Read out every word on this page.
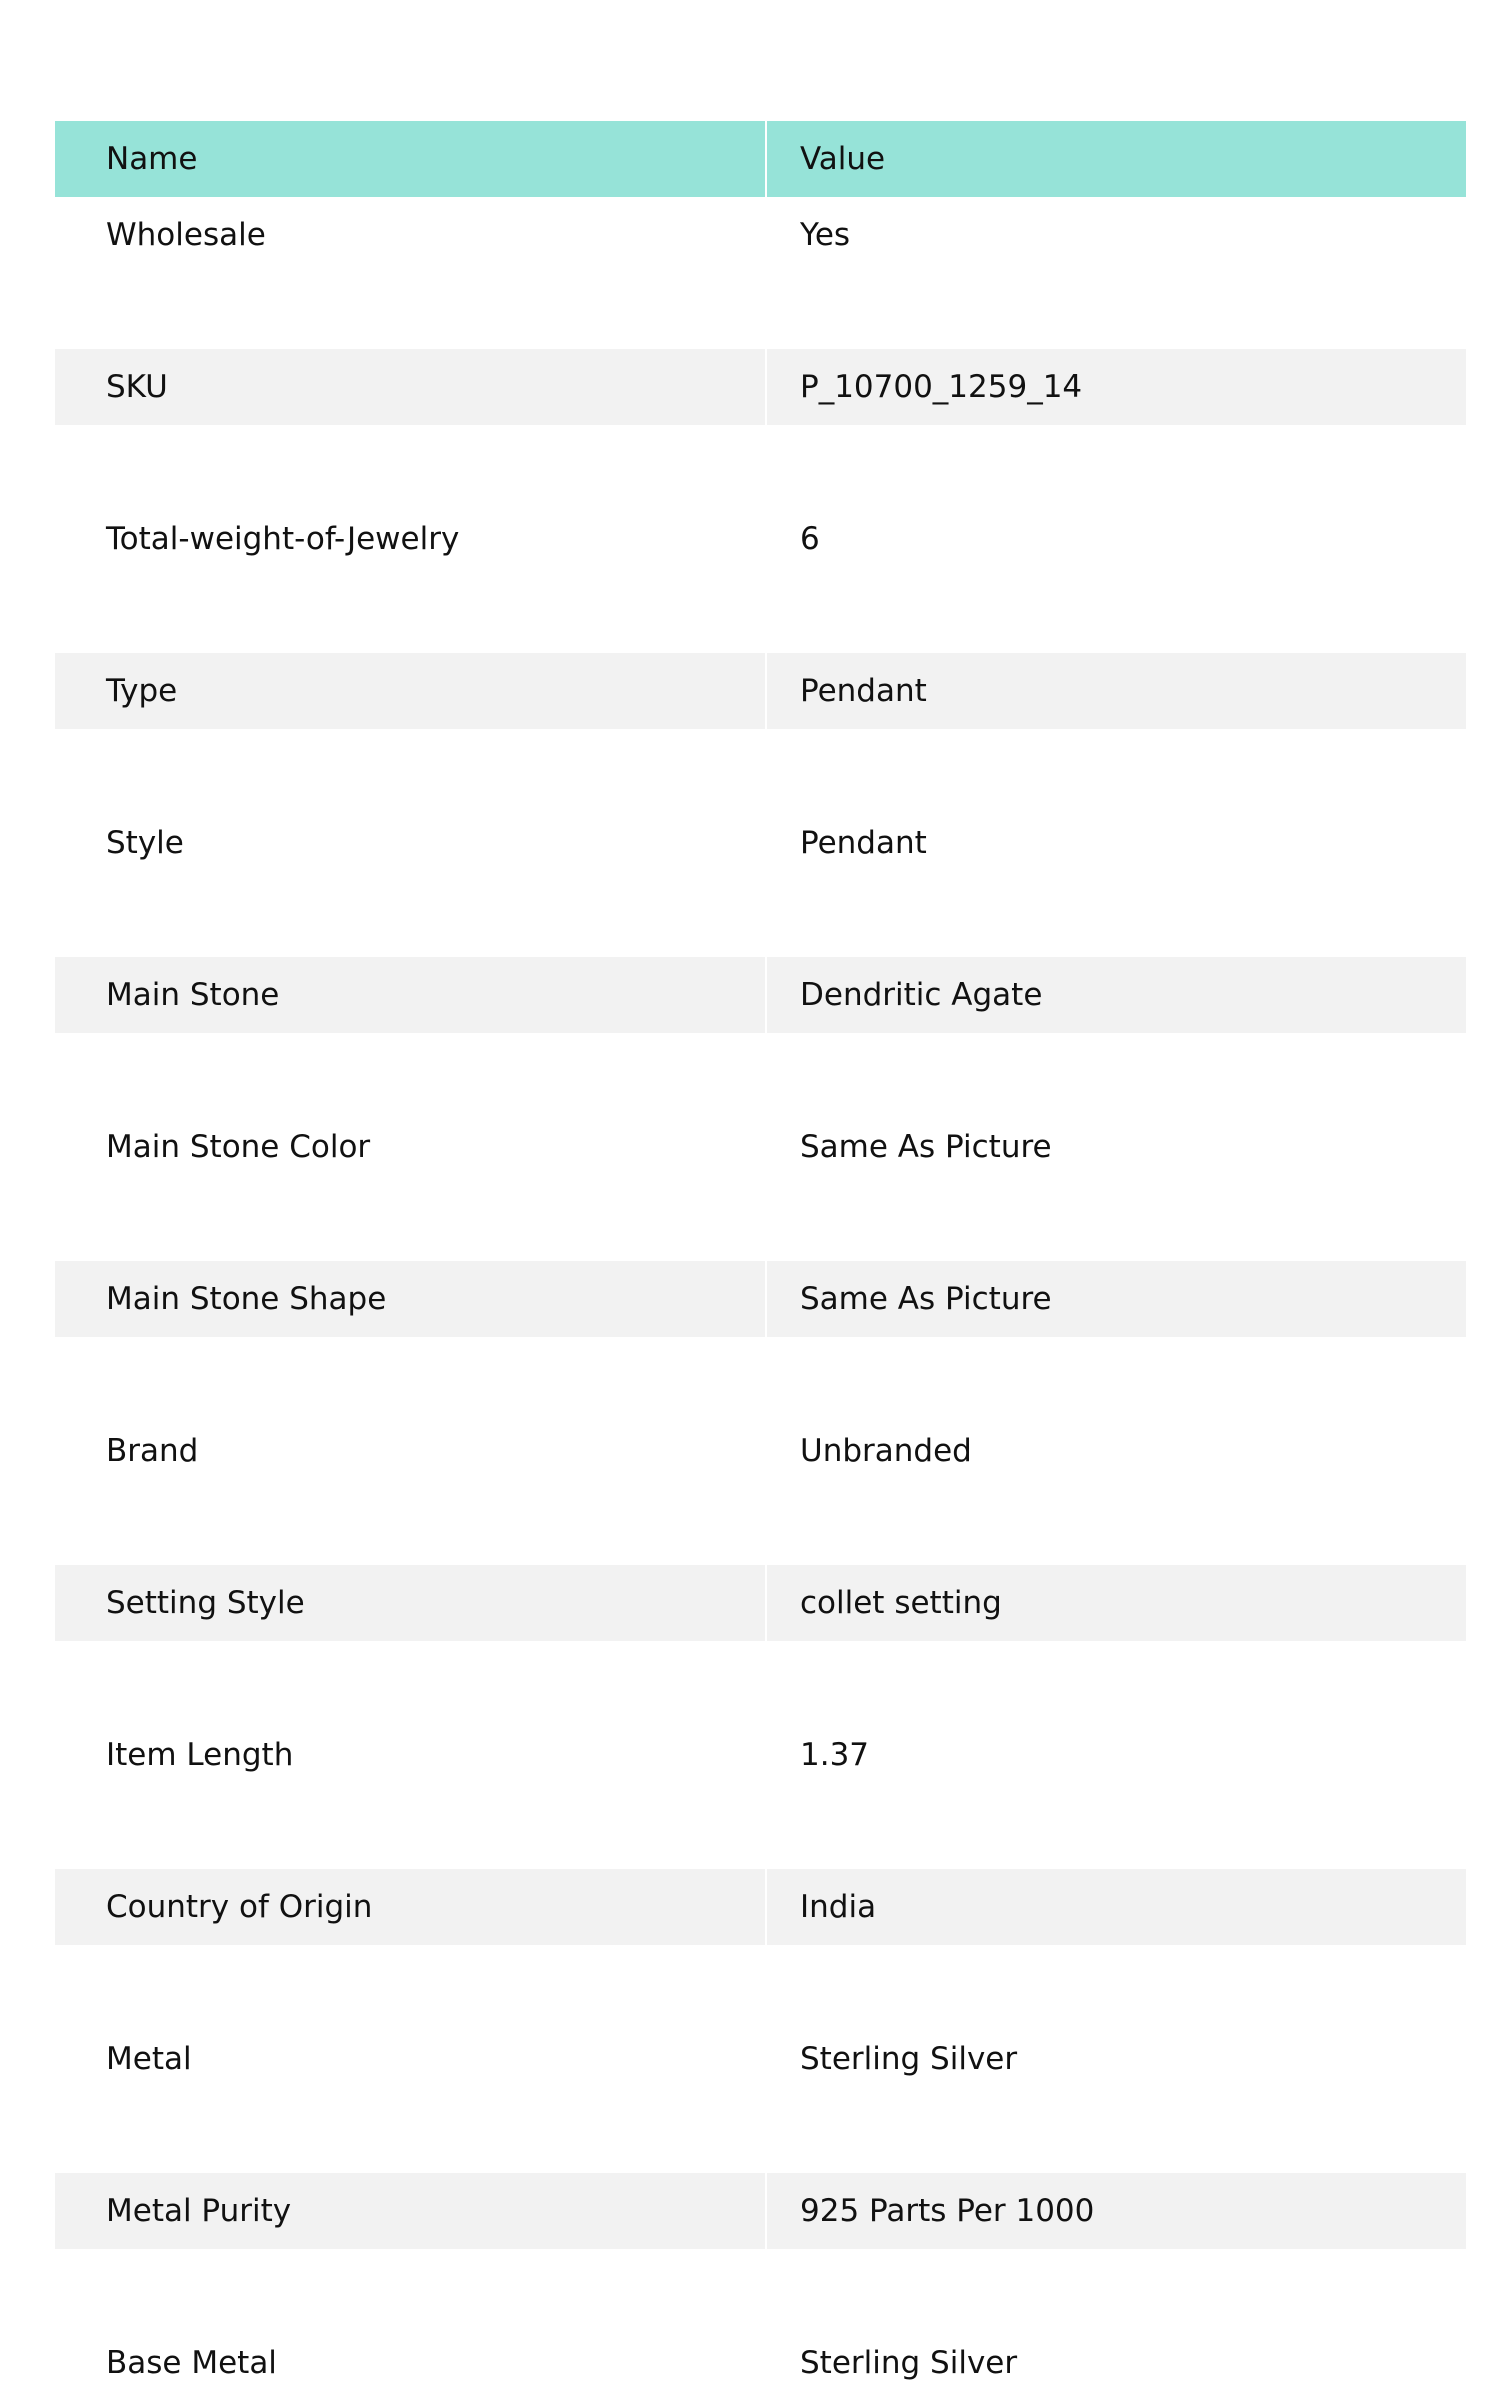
Name	Value
Wholesale	Yes

SKU	P_10700_1259_14

Total-weight-of-Jewelry	6

Type	Pendant

Style	Pendant

Main Stone	Dendritic Agate

Main Stone Color	Same As Picture

Main Stone Shape	Same As Picture

Brand	Unbranded

Setting Style	collet setting

Item Length	1.37

Country of Origin	India

Metal	Sterling Silver

Metal Purity	925 Parts Per 1000

Base Metal	Sterling Silver
